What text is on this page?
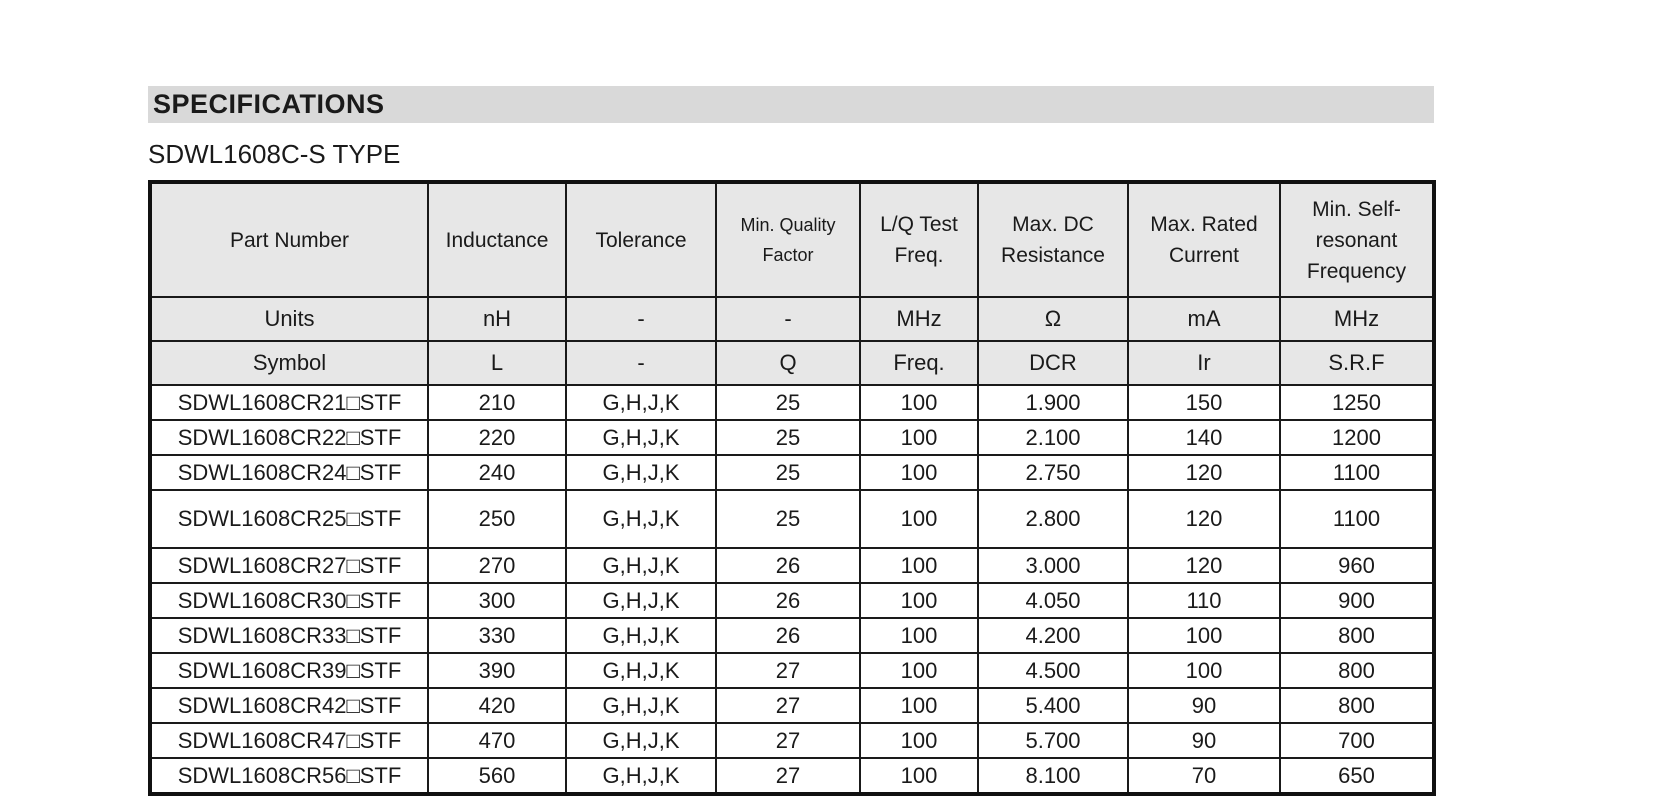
SPECIFICATIONS
SDWL1608C-S TYPE
Part Number	Inductance	Tolerance	Min. Quality Factor	L/Q Test Freq.	Max. DC Resistance	Max. Rated Current	Min. Self-resonant Frequency
Units	nH	-	-	MHz	Ω	mA	MHz
Symbol	L	-	Q	Freq.	DCR	Ir	S.R.F
SDWL1608CR21□STF	210	G,H,J,K	25	100	1.900	150	1250
SDWL1608CR22□STF	220	G,H,J,K	25	100	2.100	140	1200
SDWL1608CR24□STF	240	G,H,J,K	25	100	2.750	120	1100
SDWL1608CR25□STF	250	G,H,J,K	25	100	2.800	120	1100
SDWL1608CR27□STF	270	G,H,J,K	26	100	3.000	120	960
SDWL1608CR30□STF	300	G,H,J,K	26	100	4.050	110	900
SDWL1608CR33□STF	330	G,H,J,K	26	100	4.200	100	800
SDWL1608CR39□STF	390	G,H,J,K	27	100	4.500	100	800
SDWL1608CR42□STF	420	G,H,J,K	27	100	5.400	90	800
SDWL1608CR47□STF	470	G,H,J,K	27	100	5.700	90	700
SDWL1608CR56□STF	560	G,H,J,K	27	100	8.100	70	650
